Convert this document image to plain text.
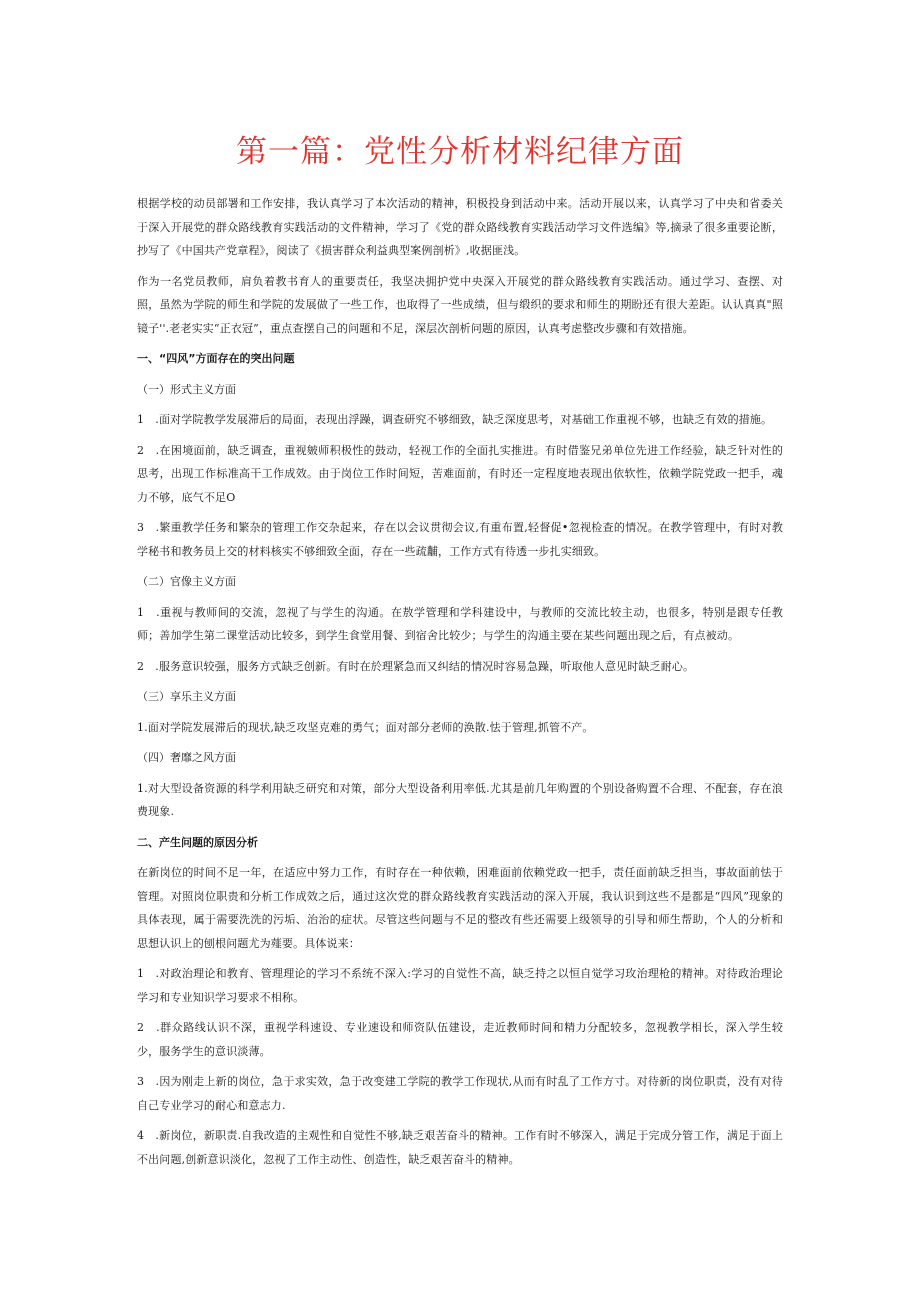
第一篇：党性分析材料纪律方面

根据学校的动员部署和工作安排，我认真学习了本次活动的精神，积极投身到活动中来。活动开展以来，认真学习了中央和省委关于深入开展党的群众路线教育实践活动的文件精神，学习了《党的群众路线教育实践活动学习文件选编》等,摘录了很多重要论断，抄写了《中国共产党章程》，阅读了《损害群众利益典型案例剖析》,收据匪浅。

作为一名党员教师，肩负着教书育人的重要责任，我坚决拥护党中央深入开展党的群众路线教育实践活动。通过学习、查摆、对照，虽然为学院的师生和学院的发展做了一些工作，也取得了一些成绩，但与缎织的要求和师生的期盼还有很大差距。认认真真"照镜子''.老老实实“正衣冠”，重点查摆自己的问题和不足，深层次剖析问题的原因，认真考虑整改步骤和有效措施。

一、“四风”方面存在的突出问题

（一）形式主义方面

1　.面对学院教学发展滞后的局面，表现出浮躁，调查研究不够细致，缺乏深度思考，对基础工作重视不够，也缺乏有效的措施。

2　.在困境面前，缺乏调查，重视皴师积极性的鼓动，轻视工作的全面扎实推进。有时借鉴兄弟单位先进工作经验，缺乏针对性的思考，出现工作标准高干工作成效。由于岗位工作时间短，苦难面前，有时还一定程度地表现出依软性，依赖学院党政一把手，魂力不够，底气不足O

3　.繁重教学任务和繁杂的管理工作交杂起来，存在以会议贯彻会议,有重布置,轻督促•忽视检查的情况。在教学管理中，有时对教学秘书和教务员上交的材料核实不够细致全面，存在一些疏黼，工作方式有待透一步扎实细致。

（二）官像主义方面

1　.重视与教师间的交流，忽视了与学生的沟通。在敖学管理和学科建设中，与教师的交流比较主动，也很多，特别是跟专任教师；善加学生第二课堂活动比较多，到学生食堂用餐、到宿舍比较少；与学生的沟通主要在某些问题出现之后，有点被动。

2　.服务意识较强，服务方式缺乏创新。有时在於理紧急而又纠结的情况时容易急躁，听取他人意见时缺乏耐心。

（三）享乐主义方面

1.面对学院发展滞后的现状,缺乏攻坚克难的勇气；面对部分老师的涣散.怯于管理,抓管不产。

（四）奢靡之风方面

1.对大型设备资源的科学利用缺乏研究和对策，部分大型设备利用率低.尤其是前几年购置的个别设备购置不合理、不配套，存在浪费现象.

二、产生问题的原因分析

在新岗位的时间不足一年，在适应中努力工作，有时存在一种依赖，困难面前依赖党政一把手，责任面前缺乏担当，事故面前怯于管理。对照岗位职贵和分析工作成效之后，通过这次党的群众路线教育实践活动的深入开展，我认识到这些不是都是“四风”现象的具体表现，属于需要洗洗的污垢、治治的症状。尽管这些问题与不足的整改有些还需要上级领导的引导和师生帮助，个人的分析和思想认识上的刨根问题尤为薤要。具体说来：

1　.对政治理论和教育、管理理论的学习不系统不深入:学习的自觉性不高，缺乏持之以恒自觉学习玫治理枪的精神。对待政治理论学习和专业知识学习要求不相称。

2　.群众路线认识不深，重视学科速设、专业速设和师资队伍建设，走近教师时间和精力分配较多，忽视教学相长，深入学生较少，服务学生的意识淡薄。

3　.因为刚走上新的岗位，急于求实效，急于改变建工学院的教学工作现状,从而有时乱了工作方寸。对待新的岗位职责，没有对待自己专业学习的耐心和意志力.

4　.新岗位，新职责.自我改造的主观性和自觉性不够,缺乏艰苦奋斗的精神。工作有时不够深入，满足于完成分管工作，满足于面上不出问题,创新意识淡化，忽视了工作主动性、创造性，缺乏艰苦奋斗的精神。
